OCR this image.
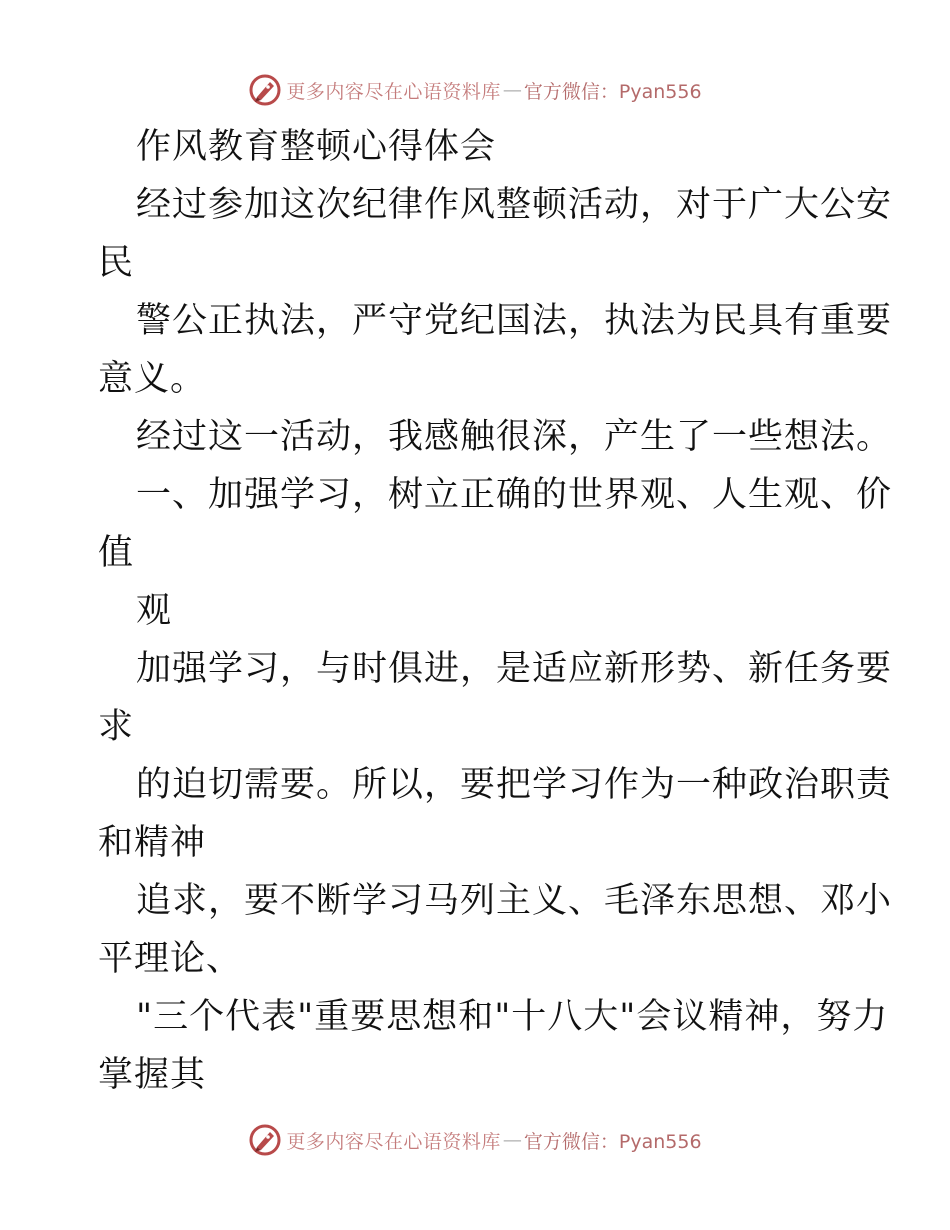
更多内容尽在心语资料库 — 官方微信：Pyan556
作风教育整顿心得体会
经过参加这次纪律作风整顿活动，对于广大公安
民
警公正执法，严守党纪国法，执法为民具有重要
意义。
经过这一活动，我感触很深，产生了一些想法。
一、加强学习，树立正确的世界观、人生观、价
值
观
加强学习，与时俱进，是适应新形势、新任务要
求
的迫切需要。所以，要把学习作为一种政治职责
和精神
追求，要不断学习马列主义、毛泽东思想、邓小
平理论、
"三个代表"重要思想和"十八大"会议精神，努力
掌握其
更多内容尽在心语资料库 — 官方微信：Pyan556
